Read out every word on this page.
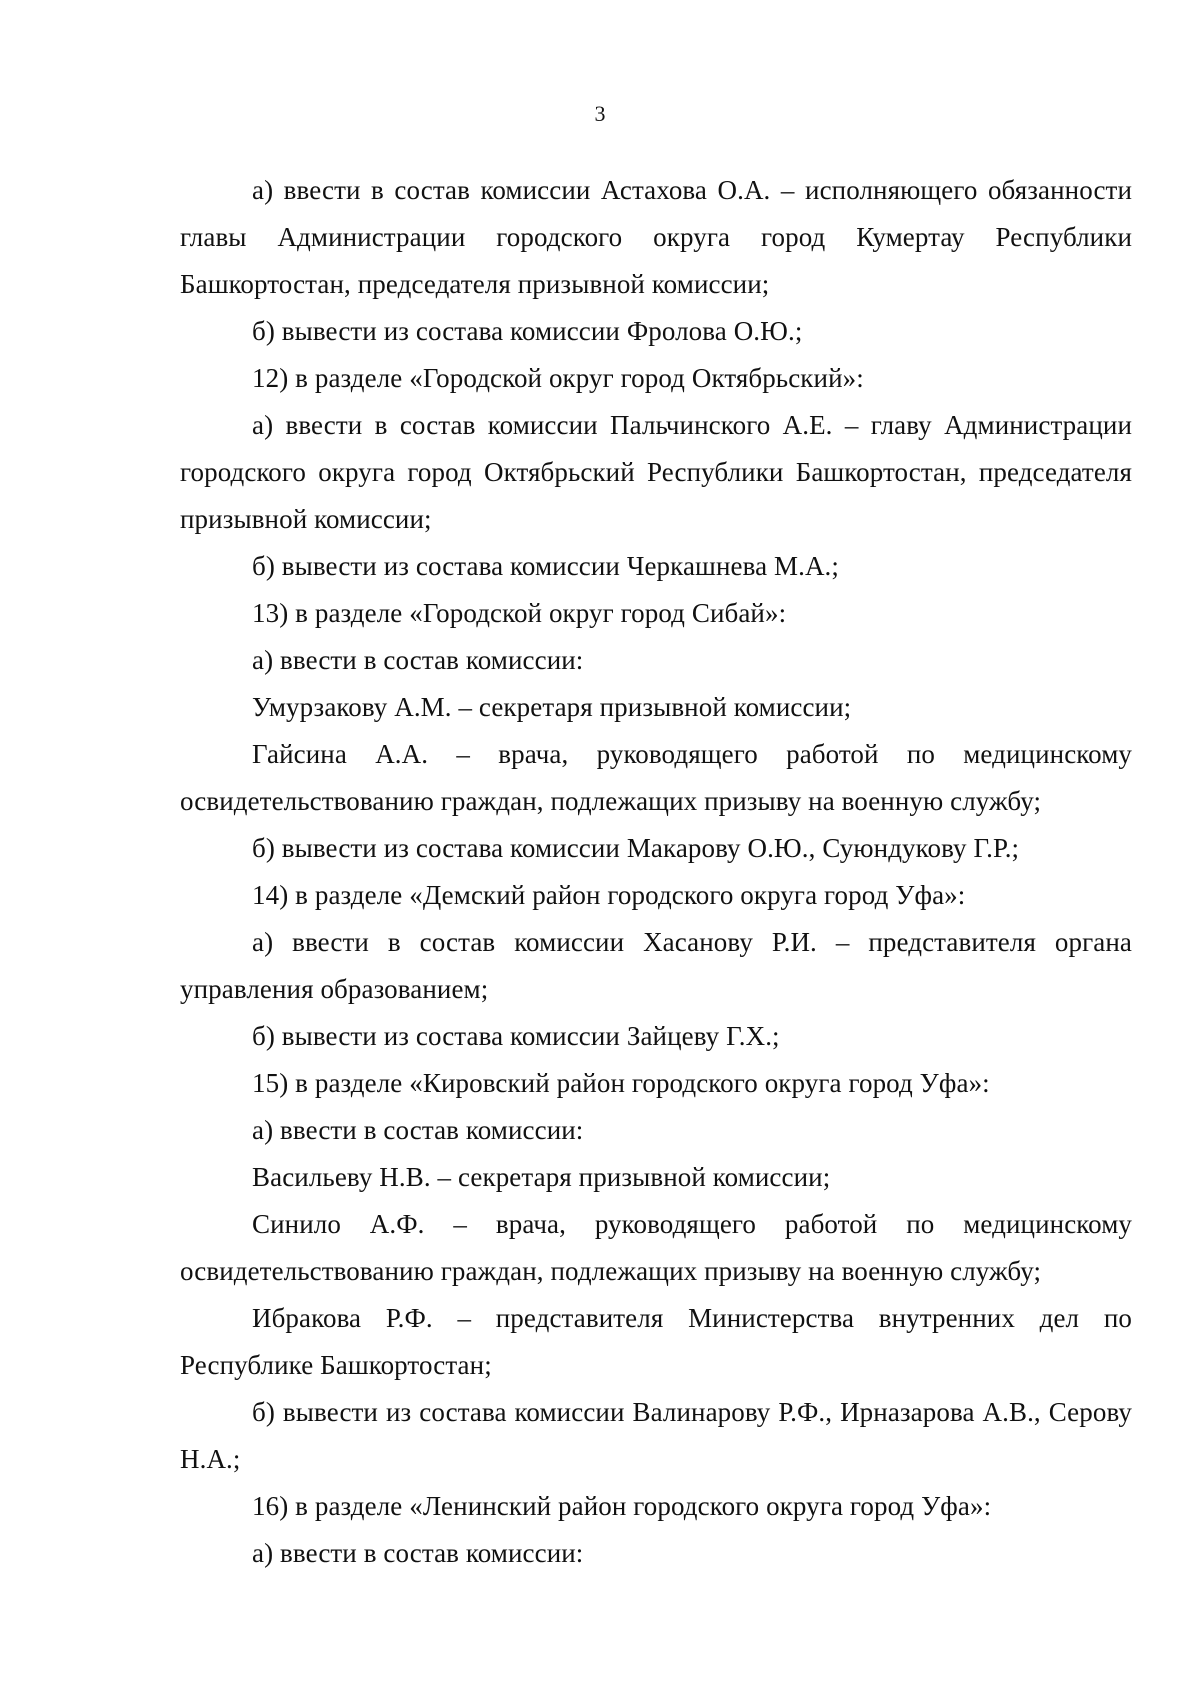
3

а) ввести в состав комиссии Астахова О.А. – исполняющего обязанности главы Администрации городского округа город Кумертау Республики Башкортостан, председателя призывной комиссии;

б) вывести из состава комиссии Фролова О.Ю.;

12) в разделе «Городской округ город Октябрьский»:

а) ввести в состав комиссии Пальчинского А.Е. – главу Администрации городского округа город Октябрьский Республики Башкортостан, председателя призывной комиссии;

б) вывести из состава комиссии Черкашнева М.А.;

13) в разделе «Городской округ город Сибай»:

а) ввести в состав комиссии:

Умурзакову А.М. – секретаря призывной комиссии;

Гайсина А.А. – врача, руководящего работой по медицинскому освидетельствованию граждан, подлежащих призыву на военную службу;

б) вывести из состава комиссии Макарову О.Ю., Суюндукову Г.Р.;

14) в разделе «Демский район городского округа город Уфа»:

а) ввести в состав комиссии Хасанову Р.И. – представителя органа управления образованием;

б) вывести из состава комиссии Зайцеву Г.Х.;

15) в разделе «Кировский район городского округа город Уфа»:

а) ввести в состав комиссии:

Васильеву Н.В. – секретаря призывной комиссии;

Синило А.Ф. – врача, руководящего работой по медицинскому освидетельствованию граждан, подлежащих призыву на военную службу;

Ибракова Р.Ф. – представителя Министерства внутренних дел по Республике Башкортостан;

б) вывести из состава комиссии Валинарову Р.Ф., Ирназарова А.В., Серову Н.А.;

16) в разделе «Ленинский район городского округа город Уфа»:

а) ввести в состав комиссии:
